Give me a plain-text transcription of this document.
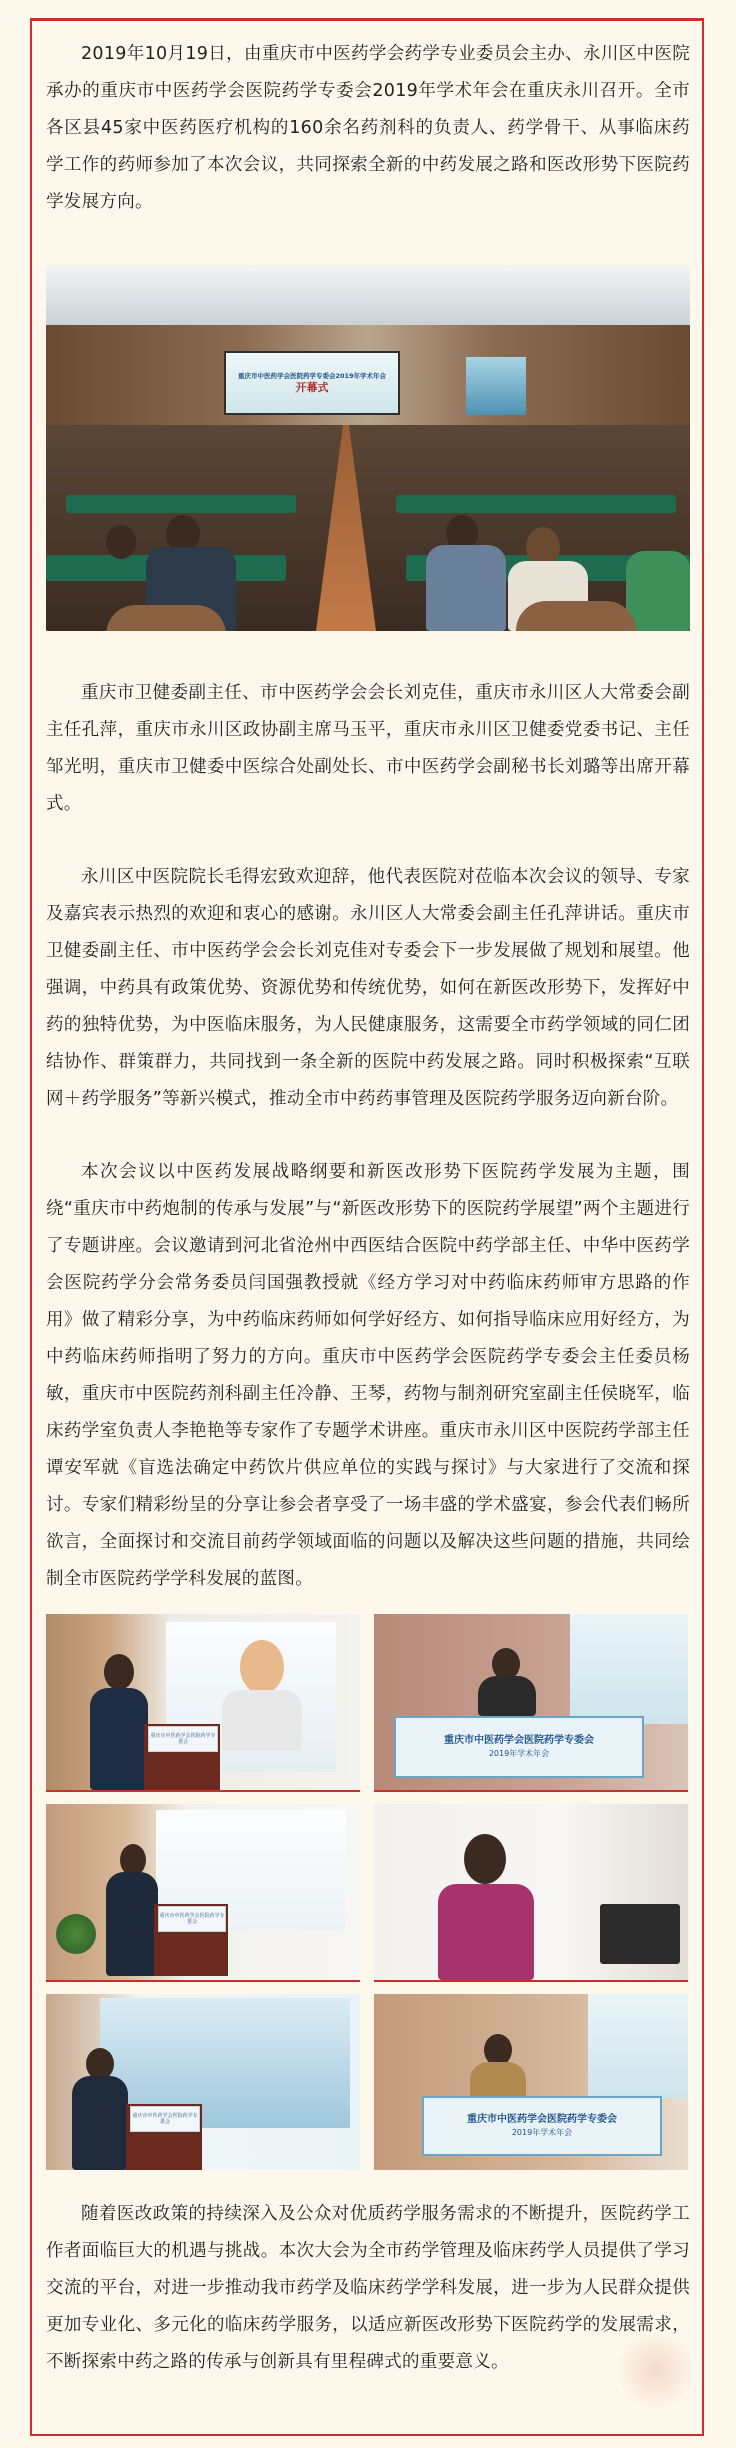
2019年10月19日，由重庆市中医药学会药学专业委员会主办、永川区中医院承办的重庆市中医药学会医院药学专委会2019年学术年会在重庆永川召开。全市各区县45家中医药医疗机构的160余名药剂科的负责人、药学骨干、从事临床药学工作的药师参加了本次会议，共同探索全新的中药发展之路和医改形势下医院药学发展方向。

重庆市中医药学会医院药学专委会2019年学术年会
开幕式

重庆市卫健委副主任、市中医药学会会长刘克佳，重庆市永川区人大常委会副主任孔萍，重庆市永川区政协副主席马玉平，重庆市永川区卫健委党委书记、主任邹光明，重庆市卫健委中医综合处副处长、市中医药学会副秘书长刘璐等出席开幕式。

永川区中医院院长毛得宏致欢迎辞，他代表医院对莅临本次会议的领导、专家及嘉宾表示热烈的欢迎和衷心的感谢。永川区人大常委会副主任孔萍讲话。重庆市卫健委副主任、市中医药学会会长刘克佳对专委会下一步发展做了规划和展望。他强调，中药具有政策优势、资源优势和传统优势，如何在新医改形势下，发挥好中药的独特优势，为中医临床服务，为人民健康服务，这需要全市药学领域的同仁团结协作、群策群力，共同找到一条全新的医院中药发展之路。同时积极探索“互联网＋药学服务”等新兴模式，推动全市中药药事管理及医院药学服务迈向新台阶。

本次会议以中医药发展战略纲要和新医改形势下医院药学发展为主题，围绕“重庆市中药炮制的传承与发展”与“新医改形势下的医院药学展望”两个主题进行了专题讲座。会议邀请到河北省沧州中西医结合医院中药学部主任、中华中医药学会医院药学分会常务委员闫国强教授就《经方学习对中药临床药师审方思路的作用》做了精彩分享，为中药临床药师如何学好经方、如何指导临床应用好经方，为中药临床药师指明了努力的方向。重庆市中医药学会医院药学专委会主任委员杨敏，重庆市中医院药剂科副主任冷静、王琴，药物与制剂研究室副主任侯晓军，临床药学室负责人李艳艳等专家作了专题学术讲座。重庆市永川区中医院药学部主任谭安军就《盲选法确定中药饮片供应单位的实践与探讨》与大家进行了交流和探讨。专家们精彩纷呈的分享让参会者享受了一场丰盛的学术盛宴，参会代表们畅所欲言，全面探讨和交流目前药学领域面临的问题以及解决这些问题的措施，共同绘制全市医院药学学科发展的蓝图。

重庆市中医药学会医院药学专委会	重庆市中医药学会医院药学专委会
2019年学术年会
重庆市中医药学会医院药学专委会
重庆市中医药学会医院药学专委会	重庆市中医药学会医院药学专委会
2019年学术年会

随着医改政策的持续深入及公众对优质药学服务需求的不断提升，医院药学工作者面临巨大的机遇与挑战。本次大会为全市药学管理及临床药学人员提供了学习交流的平台，对进一步推动我市药学及临床药学学科发展，进一步为人民群众提供更加专业化、多元化的临床药学服务，以适应新医改形势下医院药学的发展需求，不断探索中药之路的传承与创新具有里程碑式的重要意义。
